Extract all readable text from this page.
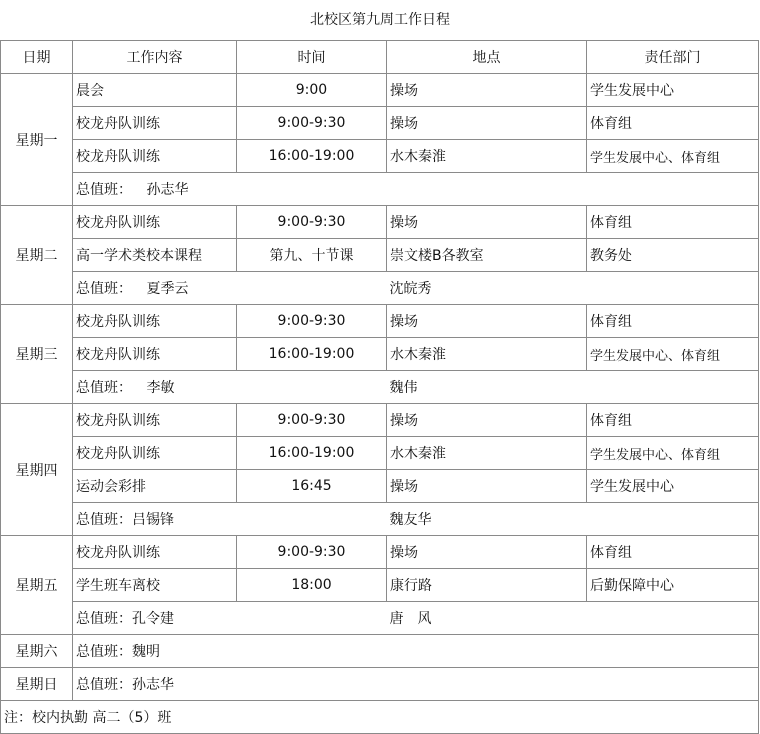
北校区第九周工作日程
日期	工作内容	时间	地点	责任部门
星期一	晨会	9:00	操场	学生发展中心
	校龙舟队训练	9:00-9:30	操场	体育组
	校龙舟队训练	16:00-19:00	水木秦淮	学生发展中心、体育组
	总值班： 孙志华			
星期二	校龙舟队训练	9:00-9:30	操场	体育组
	高一学术类校本课程	第九、十节课	崇文楼B各教室	教务处
	总值班： 夏季云		沈皖秀	
星期三	校龙舟队训练	9:00-9:30	操场	体育组
	校龙舟队训练	16:00-19:00	水木秦淮	学生发展中心、体育组
	总值班： 李敏		魏伟	
星期四	校龙舟队训练	9:00-9:30	操场	体育组
	校龙舟队训练	16:00-19:00	水木秦淮	学生发展中心、体育组
	运动会彩排	16:45	操场	学生发展中心
	总值班：吕锡锋		魏友华	
星期五	校龙舟队训练	9:00-9:30	操场	体育组
	学生班车离校	18:00	康行路	后勤保障中心
	总值班：孔令建		唐　风	
星期六	总值班：魏明			
星期日	总值班：孙志华			
注：校内执勤 高二（5）班				
